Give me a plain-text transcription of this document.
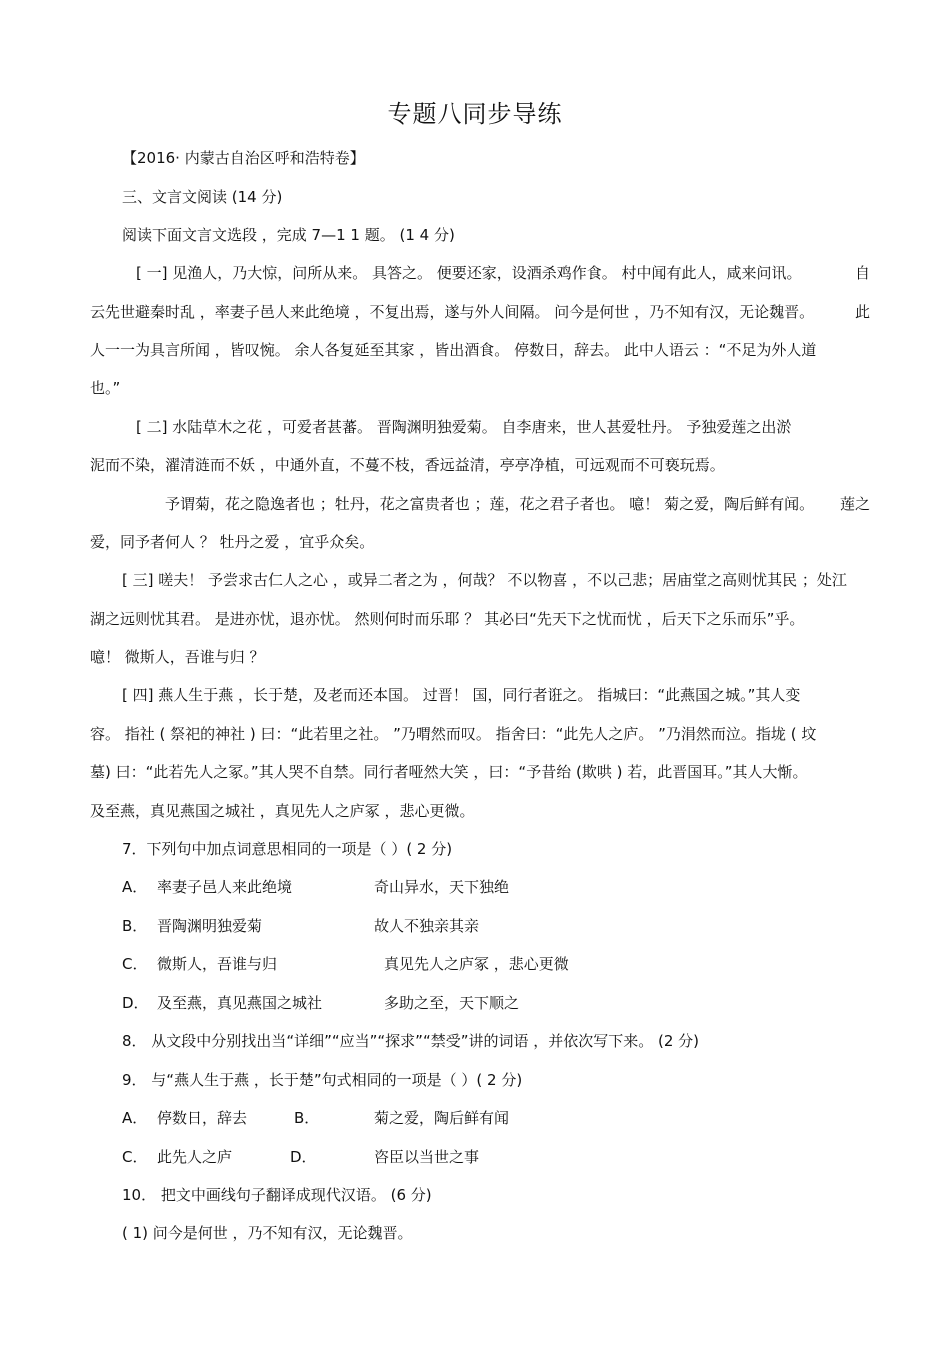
专题八同步导练
【2016· 内蒙古自治区呼和浩特卷】
三、文言文阅读 (14 分)
阅读下面文言文选段 ，完成 7—1 1 题。 (1 4 分)
[ 一] 见渔人，乃大惊，问所从来。 具答之。 便要还家，设酒杀鸡作食。 村中闻有此人，咸来问讯。	自
云先世避秦时乱 ，率妻子邑人来此绝境 ，不复出焉，遂与外人间隔。 问今是何世 ，乃不知有汉，无论魏晋。	此
人一一为具言所闻 ，皆叹惋。 余人各复延至其家 ，皆出酒食。 停数日，辞去。 此中人语云 ：“不足为外人道
也。”
[ 二] 水陆草木之花 ，可爱者甚蕃。 晋陶渊明独爱菊。 自李唐来，世人甚爱牡丹。 予独爱莲之出淤
泥而不染，濯清涟而不妖 ，中通外直，不蔓不枝，香远益清，亭亭净植，可远观而不可亵玩焉。
予谓菊，花之隐逸者也 ；牡丹，花之富贵者也 ；莲，花之君子者也。 噫！ 菊之爱，陶后鲜有闻。 莲之
爱，同予者何人 ？ 牡丹之爱 ，宜乎众矣。
[ 三] 嗟夫！ 予尝求古仁人之心 ，或异二者之为 ，何哉？ 不以物喜 ，不以己悲；居庙堂之高则忧其民 ；处江
湖之远则忧其君。 是进亦忧，退亦忧。 然则何时而乐耶 ？ 其必曰“先天下之忧而忧 ，后天下之乐而乐”乎。
噫！ 微斯人，吾谁与归 ？
[ 四] 燕人生于燕 ，长于楚，及老而还本国。 过晋！ 国，同行者诳之。 指城曰：“此燕国之城。”其人变
容。 指社 ( 祭祀的神社 ) 曰：“此若里之社。 ”乃喟然而叹。 指舍曰：“此先人之庐。 ”乃涓然而泣。指垅 ( 坟
墓) 曰：“此若先人之冢。”其人哭不自禁。同行者哑然大笑 ，曰：“予昔绐 (欺哄 ) 若，此晋国耳。”其人大惭。
及至燕，真见燕国之城社 ，真见先人之庐冢 ，悲心更微。
7．下列句中加点词意思相同的一项是（ ）( 2 分)
A． 率妻子邑人来此绝境	奇山异水，天下独绝
B． 晋陶渊明独爱菊	故人不独亲其亲
C． 微斯人，吾谁与归	真见先人之庐冢 ，悲心更微
D． 及至燕，真见燕国之城社	多助之至，天下顺之
8． 从文段中分别找出当“详细”“应当”“探求”“禁受”讲的词语 ，并依次写下来。 (2 分)
9． 与“燕人生于燕 ，长于楚”句式相同的一项是（ ）( 2 分)
A． 停数日，辞去	B．	菊之爱，陶后鲜有闻
C． 此先人之庐	D．	咨臣以当世之事
10． 把文中画线句子翻译成现代汉语。 (6 分)
( 1) 问今是何世 ，乃不知有汉，无论魏晋。
